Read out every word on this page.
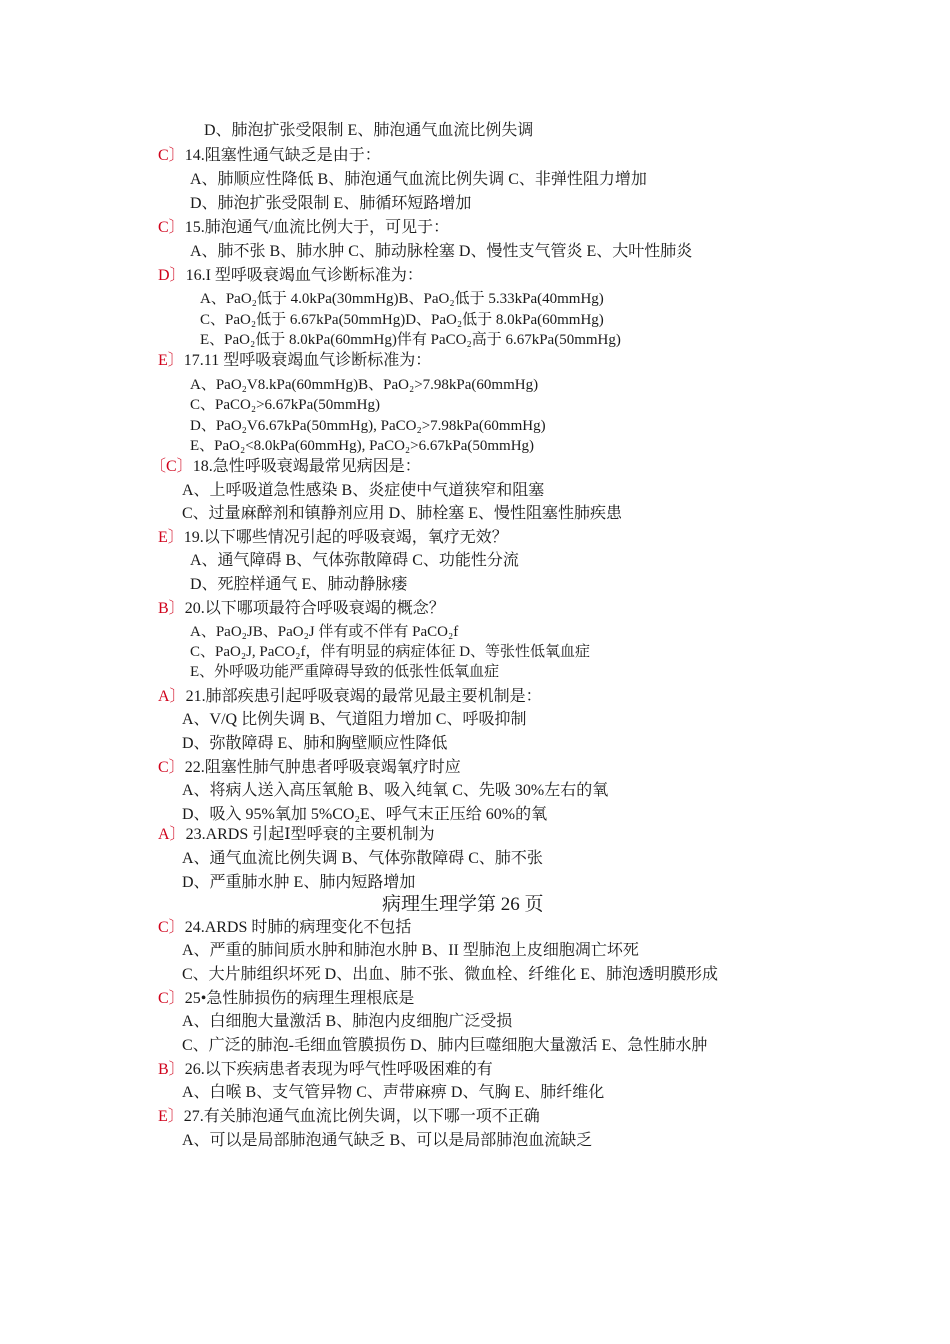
D、肺泡扩张受限制 E、肺泡通气血流比例失调
C〕14.阻塞性通气缺乏是由于：
A、肺顺应性降低 B、肺泡通气血流比例失调 C、非弹性阻力增加
D、肺泡扩张受限制 E、肺循环短路增加
C〕15.肺泡通气/血流比例大于，可见于：
A、肺不张 B、肺水肿 C、肺动脉栓塞 D、慢性支气管炎 E、大叶性肺炎
D〕16.I 型呼吸衰竭血气诊断标准为：
A、PaO₂低于 4.0kPa(30mmHg)B、PaO₂低于 5.33kPa(40mmHg)
C、PaO₂低于 6.67kPa(50mmHg)D、PaO₂低于 8.0kPa(60mmHg)
E、PaO₂低于 8.0kPa(60mmHg)伴有 PaCO₂高于 6.67kPa(50mmHg)
E〕17.11 型呼吸衰竭血气诊断标准为：
A、PaO₂V8.kPa(60mmHg)B、PaO₂>7.98kPa(60mmHg)
C、PaCO₂>6.67kPa(50mmHg)
D、PaO₂V6.67kPa(50mmHg), PaCO₂>7.98kPa(60mmHg)
E、PaO₂<8.0kPa(60mmHg), PaCO₂>6.67kPa(50mmHg)
〔C〕18.急性呼吸衰竭最常见病因是：
A、上呼吸道急性感染 B、炎症使中气道狭窄和阻塞
C、过量麻醉剂和镇静剂应用 D、肺栓塞 E、慢性阻塞性肺疾患
E〕19.以下哪些情况引起的呼吸衰竭，氧疗无效？
A、通气障碍 B、气体弥散障碍 C、功能性分流
D、死腔样通气 E、肺动静脉瘘
B〕20.以下哪项最符合呼吸衰竭的概念？
A、PaO₂JB、PaO₂J 伴有或不伴有 PaCO₂f
C、PaO₂J, PaCO₂f，伴有明显的病症体征 D、等张性低氧血症
E、外呼吸功能严重障碍导致的低张性低氧血症
A〕21.肺部疾患引起呼吸衰竭的最常见最主要机制是：
A、V/Q 比例失调 B、气道阻力增加 C、呼吸抑制
D、弥散障碍 E、肺和胸壁顺应性降低
C〕22.阻塞性肺气肿患者呼吸衰竭氧疗时应
A、将病人送入高压氧舱 B、吸入纯氧 C、先吸 30%左右的氧
D、吸入 95%氧加 5%CO₂E、呼气末正压给 60%的氧
A〕23.ARDS 引起Ⅰ型呼衰的主要机制为
A、通气血流比例失调 B、气体弥散障碍 C、肺不张
D、严重肺水肿 E、肺内短路增加
病理生理学第 26 页
C〕24.ARDS 时肺的病理变化不包括
A、严重的肺间质水肿和肺泡水肿 B、II 型肺泡上皮细胞凋亡坏死
C、大片肺组织坏死 D、出血、肺不张、微血栓、纤维化 E、肺泡透明膜形成
C〕25•急性肺损伤的病理生理根底是
A、白细胞大量激活 B、肺泡内皮细胞广泛受损
C、广泛的肺泡-毛细血管膜损伤 D、肺内巨噬细胞大量激活 E、急性肺水肿
B〕26.以下疾病患者表现为呼气性呼吸困难的有
A、白喉 B、支气管异物 C、声带麻痹 D、气胸 E、肺纤维化
E〕27.有关肺泡通气血流比例失调，以下哪一项不正确
A、可以是局部肺泡通气缺乏 B、可以是局部肺泡血流缺乏
